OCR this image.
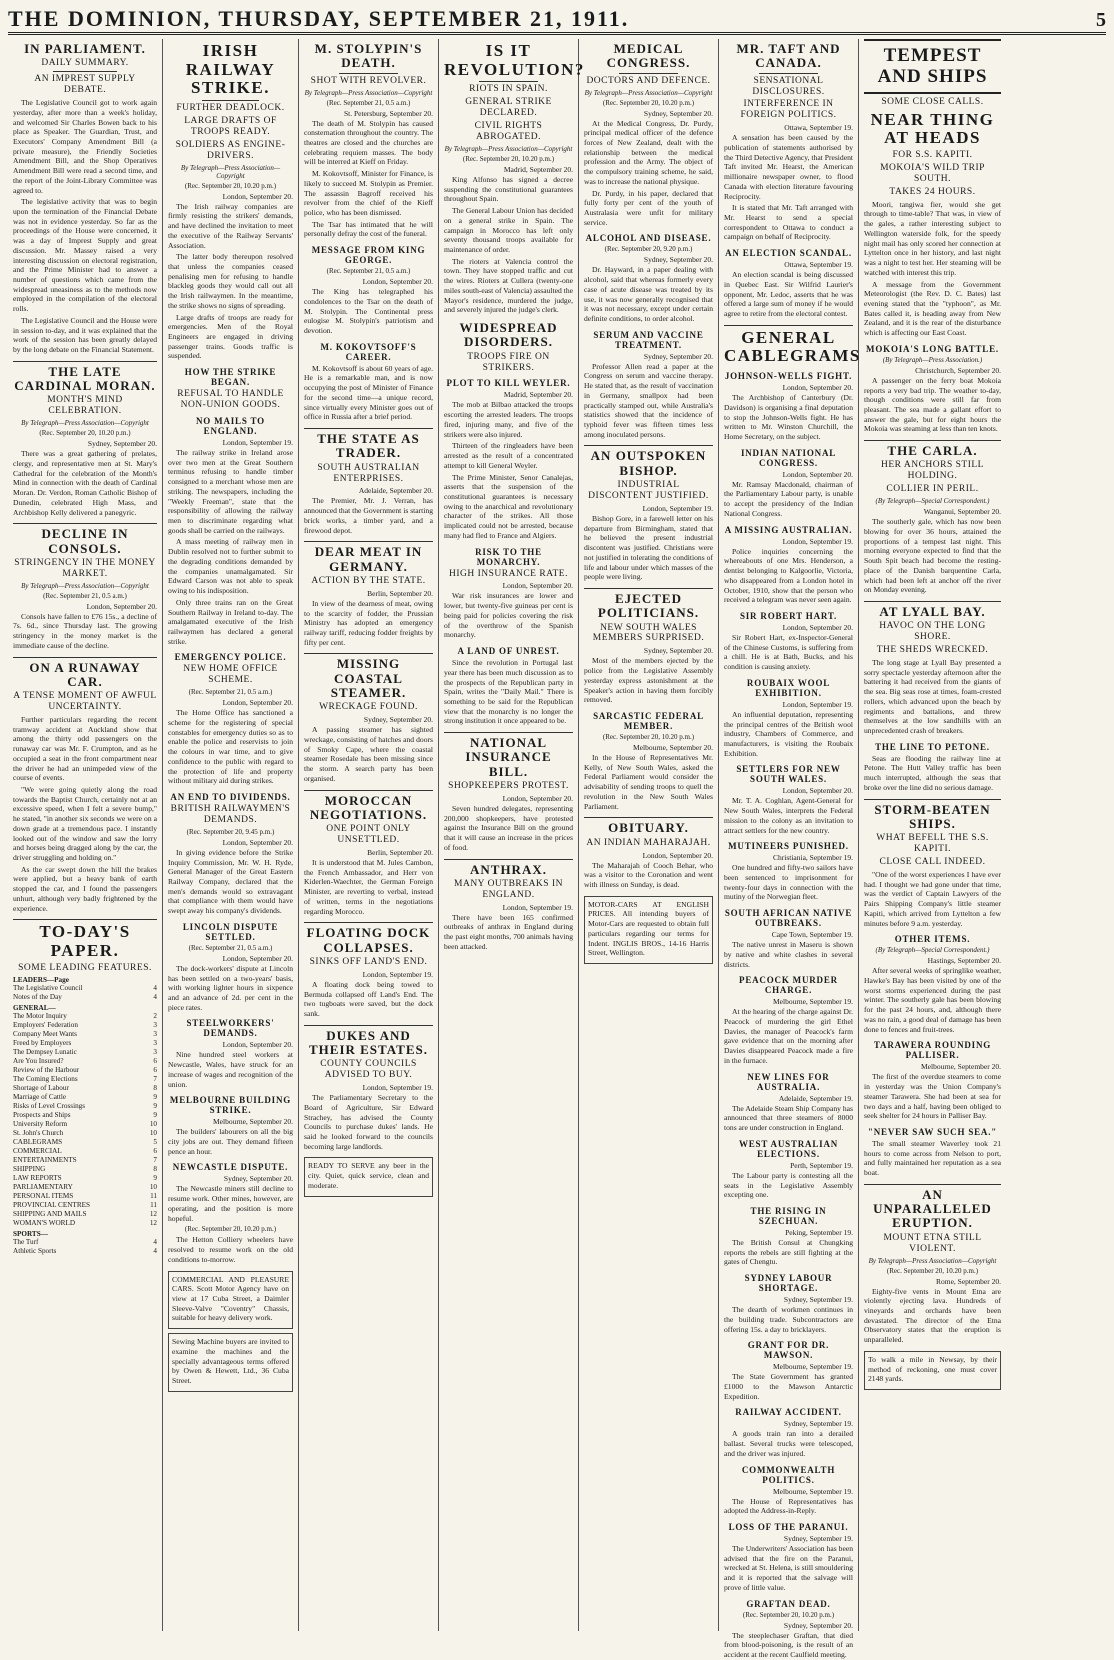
THE DOMINION, THURSDAY, SEPTEMBER 21, 1911.	5
IN PARLIAMENT.
DAILY SUMMARY.
AN IMPREST SUPPLY DEBATE.

The Legislative Council got to work again yesterday, after more than a week's holiday, and welcomed Sir Charles Bowen back to his place as Speaker. The Guardian, Trust, and Executors' Company Amendment Bill (a private measure), the Friendly Societies Amendment Bill, and the Shop Operatives Amendment Bill were read a second time, and the report of the Joint-Library Committee was agreed to.

The legislative activity that was to begin upon the termination of the Financial Debate was not in evidence yesterday. So far as the proceedings of the House were concerned, it was a day of Imprest Supply and great discussion. Mr. Massey raised a very interesting discussion on electoral registration, and the Prime Minister had to answer a number of questions which came from the widespread uneasiness as to the methods now employed in the compilation of the electoral rolls.

The Legislative Council and the House were in session to-day, and it was explained that the work of the session has been greatly delayed by the long debate on the Financial Statement.

THE LATE CARDINAL MORAN.
MONTH'S MIND CELEBRATION.
By Telegraph—Press Association—Copyright
(Rec. September 20, 10.20 p.m.)
Sydney, September 20.

There was a great gathering of prelates, clergy, and representative men at St. Mary's Cathedral for the celebration of the Month's Mind in connection with the death of Cardinal Moran. Dr. Verdon, Roman Catholic Bishop of Dunedin, celebrated High Mass, and Archbishop Kelly delivered a panegyric.

DECLINE IN CONSOLS.
STRINGENCY IN THE MONEY MARKET.
By Telegraph—Press Association—Copyright
(Rec. September 21, 0.5 a.m.)
London, September 20.

Consols have fallen to £76 15s., a decline of 7s. 6d., since Thursday last. The growing stringency in the money market is the immediate cause of the decline.

ON A RUNAWAY CAR.
A TENSE MOMENT OF AWFUL UNCERTAINTY.

Further particulars regarding the recent tramway accident at Auckland show that among the thirty odd passengers on the runaway car was Mr. F. Crumpton, and as he occupied a seat in the front compartment near the driver he had an unimpeded view of the course of events.

"We were going quietly along the road towards the Baptist Church, certainly not at an excessive speed, when I felt a severe bump," he stated, "in another six seconds we were on a down grade at a tremendous pace. I instantly looked out of the window and saw the lorry and horses being dragged along by the car, the driver struggling and holding on."

As the car swept down the hill the brakes were applied, but a heavy bank of earth stopped the car, and I found the passengers unhurt, although very badly frightened by the experience.

TO-DAY'S PAPER.
SOME LEADING FEATURES.
LEADERS—Page
The Legislative Council	4
Notes of the Day	4
GENERAL—
The Motor Inquiry	2
Employers' Federation	3
Company Meet Wants	3
Freed by Employers	3
The Dempsey Lunatic	3
Are You Insured?	6
Review of the Harbour	6
The Coming Elections	7
Shortage of Labour	8
Marriage of Cattle	9
Risks of Level Crossings	9
Prospects and Ships	9
University Reform	10
St. John's Church	10
CABLEGRAMS	5
COMMERCIAL	6
ENTERTAINMENTS	7
SHIPPING	8
LAW REPORTS	9
PARLIAMENTARY	10
PERSONAL ITEMS	11
PROVINCIAL CENTRES	11
SHIPPING AND MAILS	12
WOMAN'S WORLD	12
SPORTS—
The Turf	4
Athletic Sports	4
IRISH RAILWAY STRIKE.
FURTHER DEADLOCK.
LARGE DRAFTS OF TROOPS READY.
SOLDIERS AS ENGINE-DRIVERS.
By Telegraph—Press Association—Copyright
(Rec. September 20, 10.20 p.m.)
London, September 20.

The Irish railway companies are firmly resisting the strikers' demands, and have declined the invitation to meet the executive of the Railway Servants' Association.

The latter body thereupon resolved that unless the companies ceased penalising men for refusing to handle blackleg goods they would call out all the Irish railwaymen. In the meantime, the strike shows no signs of spreading.

Large drafts of troops are ready for emergencies. Men of the Royal Engineers are engaged in driving passenger trains. Goods traffic is suspended.

HOW THE STRIKE BEGAN.
REFUSAL TO HANDLE NON-UNION GOODS.
NO MAILS TO ENGLAND.
London, September 19.

The railway strike in Ireland arose over two men at the Great Southern terminus refusing to handle timber consigned to a merchant whose men are striking. The newspapers, including the "Weekly Freeman", state that the responsibility of allowing the railway men to discriminate regarding what goods shall be carried on the railways.

A mass meeting of railway men in Dublin resolved not to further submit to the degrading conditions demanded by the companies unamalgamated. Sir Edward Carson was not able to speak owing to his indisposition.

Only three trains ran on the Great Southern Railway in Ireland to-day. The amalgamated executive of the Irish railwaymen has declared a general strike.

EMERGENCY POLICE.
NEW HOME OFFICE SCHEME.
(Rec. September 21, 0.5 a.m.)
London, September 20.

The Home Office has sanctioned a scheme for the registering of special constables for emergency duties so as to enable the police and reservists to join the colours in war time, and to give confidence to the public with regard to the protection of life and property without military aid during strikes.

AN END TO DIVIDENDS.
BRITISH RAILWAYMEN'S DEMANDS.
(Rec. September 20, 9.45 p.m.)
London, September 20.

In giving evidence before the Strike Inquiry Commission, Mr. W. H. Ryde, General Manager of the Great Eastern Railway Company, declared that the men's demands would so extravagant that compliance with them would have swept away his company's dividends.

LINCOLN DISPUTE SETTLED.
(Rec. September 21, 0.5 a.m.)
London, September 20.

The dock-workers' dispute at Lincoln has been settled on a two-years' basis, with working lighter hours in sixpence and an advance of 2d. per cent in the piece rates.

STEELWORKERS' DEMANDS.
London, September 20.

Nine hundred steel workers at Newcastle, Wales, have struck for an increase of wages and recognition of the union.

MELBOURNE BUILDING STRIKE.
Melbourne, September 20.

The builders' labourers on all the big city jobs are out. They demand fifteen pence an hour.

NEWCASTLE DISPUTE.
Sydney, September 20.

The Newcastle miners still decline to resume work. Other mines, however, are operating, and the position is more hopeful.

(Rec. September 20, 10.20 p.m.)

The Hetton Colliery wheelers have resolved to resume work on the old conditions to-morrow.

COMMERCIAL AND PLEASURE CARS. Scott Motor Agency have on view at 17 Cuba Street, a Daimler Sleeve-Valve "Coventry" Chassis, suitable for heavy delivery work.

Sewing Machine buyers are invited to examine the machines and the specially advantageous terms offered by Owen & Hewett, Ltd., 36 Cuba Street.

M. STOLYPIN'S DEATH.
SHOT WITH REVOLVER.
By Telegraph—Press Association—Copyright
(Rec. September 21, 0.5 a.m.)
St. Petersburg, September 20.

The death of M. Stolypin has caused consternation throughout the country. The theatres are closed and the churches are celebrating requiem masses. The body will be interred at Kieff on Friday.

M. Kokovtsoff, Minister for Finance, is likely to succeed M. Stolypin as Premier. The assassin Bagroff received his revolver from the chief of the Kieff police, who has been dismissed.

The Tsar has intimated that he will personally defray the cost of the funeral.

MESSAGE FROM KING GEORGE.
(Rec. September 21, 0.5 a.m.)
London, September 20.

The King has telegraphed his condolences to the Tsar on the death of M. Stolypin. The Continental press eulogise M. Stolypin's patriotism and devotion.

M. KOKOVTSOFF'S CAREER.

M. Kokovtsoff is about 60 years of age. He is a remarkable man, and is now occupying the post of Minister of Finance for the second time—a unique record, since virtually every Minister goes out of office in Russia after a brief period.

THE STATE AS TRADER.
SOUTH AUSTRALIAN ENTERPRISES.
Adelaide, September 20.

The Premier, Mr. J. Verran, has announced that the Government is starting brick works, a timber yard, and a firewood depot.

DEAR MEAT IN GERMANY.
ACTION BY THE STATE.
Berlin, September 20.

In view of the dearness of meat, owing to the scarcity of fodder, the Prussian Ministry has adopted an emergency railway tariff, reducing fodder freights by fifty per cent.

MISSING COASTAL STEAMER.
WRECKAGE FOUND.
Sydney, September 20.

A passing steamer has sighted wreckage, consisting of hatches and doors of Smoky Cape, where the coastal steamer Rosedale has been missing since the storm. A search party has been organised.

MOROCCAN NEGOTIATIONS.
ONE POINT ONLY UNSETTLED.
Berlin, September 20.

It is understood that M. Jules Cambon, the French Ambassador, and Herr von Kiderlen-Waechter, the German Foreign Minister, are reverting to verbal, instead of written, terms in the negotiations regarding Morocco.

FLOATING DOCK COLLAPSES.
SINKS OFF LAND'S END.
London, September 19.

A floating dock being towed to Bermuda collapsed off Land's End. The two tugboats were saved, but the dock sank.

DUKES AND THEIR ESTATES.
COUNTY COUNCILS ADVISED TO BUY.
London, September 19.

The Parliamentary Secretary to the Board of Agriculture, Sir Edward Strachey, has advised the County Councils to purchase dukes' lands. He said he looked forward to the councils becoming large landlords.

READY TO SERVE any beer in the city. Quiet, quick service, clean and moderate.

IS IT REVOLUTION?
RIOTS IN SPAIN.
GENERAL STRIKE DECLARED.
CIVIL RIGHTS ABROGATED.
By Telegraph—Press Association—Copyright
(Rec. September 20, 10.20 p.m.)
Madrid, September 20.

King Alfonso has signed a decree suspending the constitutional guarantees throughout Spain.

The General Labour Union has decided on a general strike in Spain. The campaign in Morocco has left only seventy thousand troops available for maintenance of order.

The rioters at Valencia control the town. They have stopped traffic and cut the wires. Rioters at Cullera (twenty-one miles south-east of Valencia) assaulted the Mayor's residence, murdered the judge, and severely injured the judge's clerk.

WIDESPREAD DISORDERS.
TROOPS FIRE ON STRIKERS.
PLOT TO KILL WEYLER.
Madrid, September 20.

The mob at Bilbao attacked the troops escorting the arrested leaders. The troops fired, injuring many, and five of the strikers were also injured.

Thirteen of the ringleaders have been arrested as the result of a concentrated attempt to kill General Weyler.

The Prime Minister, Senor Canalejas, asserts that the suspension of the constitutional guarantees is necessary owing to the anarchical and revolutionary character of the strikes. All those implicated could not be arrested, because many had fled to France and Algiers.

RISK TO THE MONARCHY.
HIGH INSURANCE RATE.
London, September 20.

War risk insurances are lower and lower, but twenty-five guineas per cent is being paid for policies covering the risk of the overthrow of the Spanish monarchy.

A LAND OF UNREST.

Since the revolution in Portugal last year there has been much discussion as to the prospects of the Republican party in Spain, writes the "Daily Mail." There is something to be said for the Republican view that the monarchy is no longer the strong institution it once appeared to be.

NATIONAL INSURANCE BILL.
SHOPKEEPERS PROTEST.
London, September 20.

Seven hundred delegates, representing 200,000 shopkeepers, have protested against the Insurance Bill on the ground that it will cause an increase in the prices of food.

ANTHRAX.
MANY OUTBREAKS IN ENGLAND.
London, September 19.

There have been 165 confirmed outbreaks of anthrax in England during the past eight months, 700 animals having been attacked.

MEDICAL CONGRESS.
DOCTORS AND DEFENCE.
By Telegraph—Press Association—Copyright
(Rec. September 20, 10.20 p.m.)
Sydney, September 20.

At the Medical Congress, Dr. Purdy, principal medical officer of the defence forces of New Zealand, dealt with the relationship between the medical profession and the Army. The object of the compulsory training scheme, he said, was to increase the national physique.

Dr. Purdy, in his paper, declared that fully forty per cent of the youth of Australasia were unfit for military service.

ALCOHOL AND DISEASE.
(Rec. September 20, 9.20 p.m.)
Sydney, September 20.

Dr. Hayward, in a paper dealing with alcohol, said that whereas formerly every case of acute disease was treated by its use, it was now generally recognised that it was not necessary, except under certain definite conditions, to order alcohol.

SERUM AND VACCINE TREATMENT.
Sydney, September 20.

Professor Allen read a paper at the Congress on serum and vaccine therapy. He stated that, as the result of vaccination in Germany, smallpox had been practically stamped out, while Australia's statistics showed that the incidence of typhoid fever was fifteen times less among inoculated persons.

AN OUTSPOKEN BISHOP.
INDUSTRIAL DISCONTENT JUSTIFIED.
London, September 19.

Bishop Gore, in a farewell letter on his departure from Birmingham, stated that he believed the present industrial discontent was justified. Christians were not justified in tolerating the conditions of life and labour under which masses of the people were living.

EJECTED POLITICIANS.
NEW SOUTH WALES MEMBERS SURPRISED.
Sydney, September 20.

Most of the members ejected by the police from the Legislative Assembly yesterday express astonishment at the Speaker's action in having them forcibly removed.

SARCASTIC FEDERAL MEMBER.
(Rec. September 20, 10.20 p.m.)
Melbourne, September 20.

In the House of Representatives Mr. Kelly, of New South Wales, asked the Federal Parliament would consider the advisability of sending troops to quell the revolution in the New South Wales Parliament.

OBITUARY.
AN INDIAN MAHARAJAH.
London, September 20.

The Maharajah of Cooch Behar, who was a visitor to the Coronation and went with illness on Sunday, is dead.

MOTOR-CARS AT ENGLISH PRICES. All intending buyers of Motor-Cars are requested to obtain full particulars regarding our terms for Indent. INGLIS BROS., 14-16 Harris Street, Wellington.

MR. TAFT AND CANADA.
SENSATIONAL DISCLOSURES.
INTERFERENCE IN FOREIGN POLITICS.
Ottawa, September 19.

A sensation has been caused by the publication of statements authorised by the Third Detective Agency, that President Taft invited Mr. Hearst, the American millionaire newspaper owner, to flood Canada with election literature favouring Reciprocity.

It is stated that Mr. Taft arranged with Mr. Hearst to send a special correspondent to Ottawa to conduct a campaign on behalf of Reciprocity.

AN ELECTION SCANDAL.
Ottawa, September 19.

An election scandal is being discussed in Quebec East. Sir Wilfrid Laurier's opponent, Mr. Ledoc, asserts that he was offered a large sum of money if he would agree to retire from the electoral contest.

GENERAL CABLEGRAMS
JOHNSON-WELLS FIGHT.
London, September 20.

The Archbishop of Canterbury (Dr. Davidson) is organising a final deputation to stop the Johnson-Wells fight. He has written to Mr. Winston Churchill, the Home Secretary, on the subject.

INDIAN NATIONAL CONGRESS.
London, September 20.

Mr. Ramsay Macdonald, chairman of the Parliamentary Labour party, is unable to accept the presidency of the Indian National Congress.

A MISSING AUSTRALIAN.
London, September 19.

Police inquiries concerning the whereabouts of one Mrs. Henderson, a dentist belonging to Kalgoorlie, Victoria, who disappeared from a London hotel in October, 1910, show that the person who received a telegram was never seen again.

SIR ROBERT HART.
London, September 20.

Sir Robert Hart, ex-Inspector-General of the Chinese Customs, is suffering from a chill. He is at Bath, Bucks, and his condition is causing anxiety.

ROUBAIX WOOL EXHIBITION.
London, September 19.

An influential deputation, representing the principal centres of the British wool industry, Chambers of Commerce, and manufacturers, is visiting the Roubaix Exhibition.

SETTLERS FOR NEW SOUTH WALES.
London, September 20.

Mr. T. A. Coghlan, Agent-General for New South Wales, interprets the Federal mission to the colony as an invitation to attract settlers for the new country.

MUTINEERS PUNISHED.
Christiania, September 19.

One hundred and fifty-two sailors have been sentenced to imprisonment for twenty-four days in connection with the mutiny of the Norwegian fleet.

SOUTH AFRICAN NATIVE OUTBREAKS.
Cape Town, September 19.

The native unrest in Maseru is shown by native and white clashes in several districts.

PEACOCK MURDER CHARGE.
Melbourne, September 19.

At the hearing of the charge against Dr. Peacock of murdering the girl Ethel Davies, the manager of Peacock's farm gave evidence that on the morning after Davies disappeared Peacock made a fire in the furnace.

NEW LINES FOR AUSTRALIA.
Adelaide, September 19.

The Adelaide Steam Ship Company has announced that three steamers of 8000 tons are under construction in England.

WEST AUSTRALIAN ELECTIONS.
Perth, September 19.

The Labour party is contesting all the seats in the Legislative Assembly excepting one.

THE RISING IN SZECHUAN.
Peking, September 19.

The British Consul at Chungking reports the rebels are still fighting at the gates of Chengtu.

SYDNEY LABOUR SHORTAGE.
Sydney, September 19.

The dearth of workmen continues in the building trade. Subcontractors are offering 15s. a day to bricklayers.

GRANT FOR DR. MAWSON.
Melbourne, September 19.

The State Government has granted £1000 to the Mawson Antarctic Expedition.

RAILWAY ACCIDENT.
Sydney, September 19.

A goods train ran into a derailed ballast. Several trucks were telescoped, and the driver was injured.

COMMONWEALTH POLITICS.
Melbourne, September 19.

The House of Representatives has adopted the Address-in-Reply.

LOSS OF THE PARANUI.
Sydney, September 19.

The Underwriters' Association has been advised that the fire on the Paranui, wrecked at St. Helena, is still smouldering and it is reported that the salvage will prove of little value.

GRAFTAN DEAD.
(Rec. September 20, 10.20 p.m.)
Sydney, September 20.

The steeplechaser Graftan, that died from blood-poisoning, is the result of an accident at the recent Caulfield meeting.

TEMPEST AND SHIPS
SOME CLOSE CALLS.
NEAR THING AT HEADS
FOR S.S. KAPITI.
MOKOIA'S WILD TRIP SOUTH.
TAKES 24 HOURS.

Moori, tangiwa fier, would she get through to time-table? That was, in view of the gales, a rather interesting subject to Wellington waterside folk, for the speedy night mail has only scored her connection at Lyttelton once in her history, and last night was a night to test her. Her steaming will be watched with interest this trip.

A message from the Government Meteorologist (the Rev. D. C. Bates) last evening stated that the "typhoon", as Mr. Bates called it, is heading away from New Zealand, and it is the rear of the disturbance which is affecting our East Coast.

MOKOIA'S LONG BATTLE.
(By Telegraph—Press Association.)
Christchurch, September 20.

A passenger on the ferry boat Mokoia reports a very bad trip. The weather to-day, though conditions were still far from pleasant. The sea made a gallant effort to answer the gale, but for eight hours the Mokoia was steaming at less than ten knots.

THE CARLA.
HER ANCHORS STILL HOLDING.
COLLIER IN PERIL.
(By Telegraph—Special Correspondent.)
Wanganui, September 20.

The southerly gale, which has now been blowing for over 36 hours, attained the proportions of a tempest last night. This morning everyone expected to find that the South Spit beach had become the resting-place of the Danish barquentine Carla, which had been left at anchor off the river on Monday evening.

AT LYALL BAY.
HAVOC ON THE LONG SHORE.
THE SHEDS WRECKED.

The long stage at Lyall Bay presented a sorry spectacle yesterday afternoon after the battering it had received from the giants of the sea. Big seas rose at times, foam-crested rollers, which advanced upon the beach by regiments and battalions, and threw themselves at the low sandhills with an unprecedented crash of breakers.

THE LINE TO PETONE.

Seas are flooding the railway line at Petone. The Hutt Valley traffic has been much interrupted, although the seas that broke over the line did no serious damage.

STORM-BEATEN SHIPS.
WHAT BEFELL THE S.S. KAPITI.
CLOSE CALL INDEED.

"One of the worst experiences I have ever had. I thought we had gone under that time, was the verdict of Captain Lawyers of the Pairs Shipping Company's little steamer Kapiti, which arrived from Lyttelton a few minutes before 9 a.m. yesterday.

OTHER ITEMS.
(By Telegraph—Special Correspondent.)
Hastings, September 20.

After several weeks of springlike weather, Hawke's Bay has been visited by one of the worst storms experienced during the past winter. The southerly gale has been blowing for the past 24 hours, and, although there was no rain, a good deal of damage has been done to fences and fruit-trees.

TARAWERA ROUNDING PALLISER.
Melbourne, September 20.

The first of the overdue steamers to come in yesterday was the Union Company's steamer Tarawera. She had been at sea for two days and a half, having been obliged to seek shelter for 24 hours in Palliser Bay.

"NEVER SAW SUCH SEA."

The small steamer Waverley took 21 hours to come across from Nelson to port, and fully maintained her reputation as a sea boat.

AN UNPARALLELED ERUPTION.
MOUNT ETNA STILL VIOLENT.
By Telegraph—Press Association—Copyright
(Rec. September 20, 10.20 p.m.)
Rome, September 20.

Eighty-five vents in Mount Etna are violently ejecting lava. Hundreds of vineyards and orchards have been devastated. The director of the Etna Observatory states that the eruption is unparalleled.

To walk a mile in Newsay, by their method of reckoning, one must cover 2148 yards.
